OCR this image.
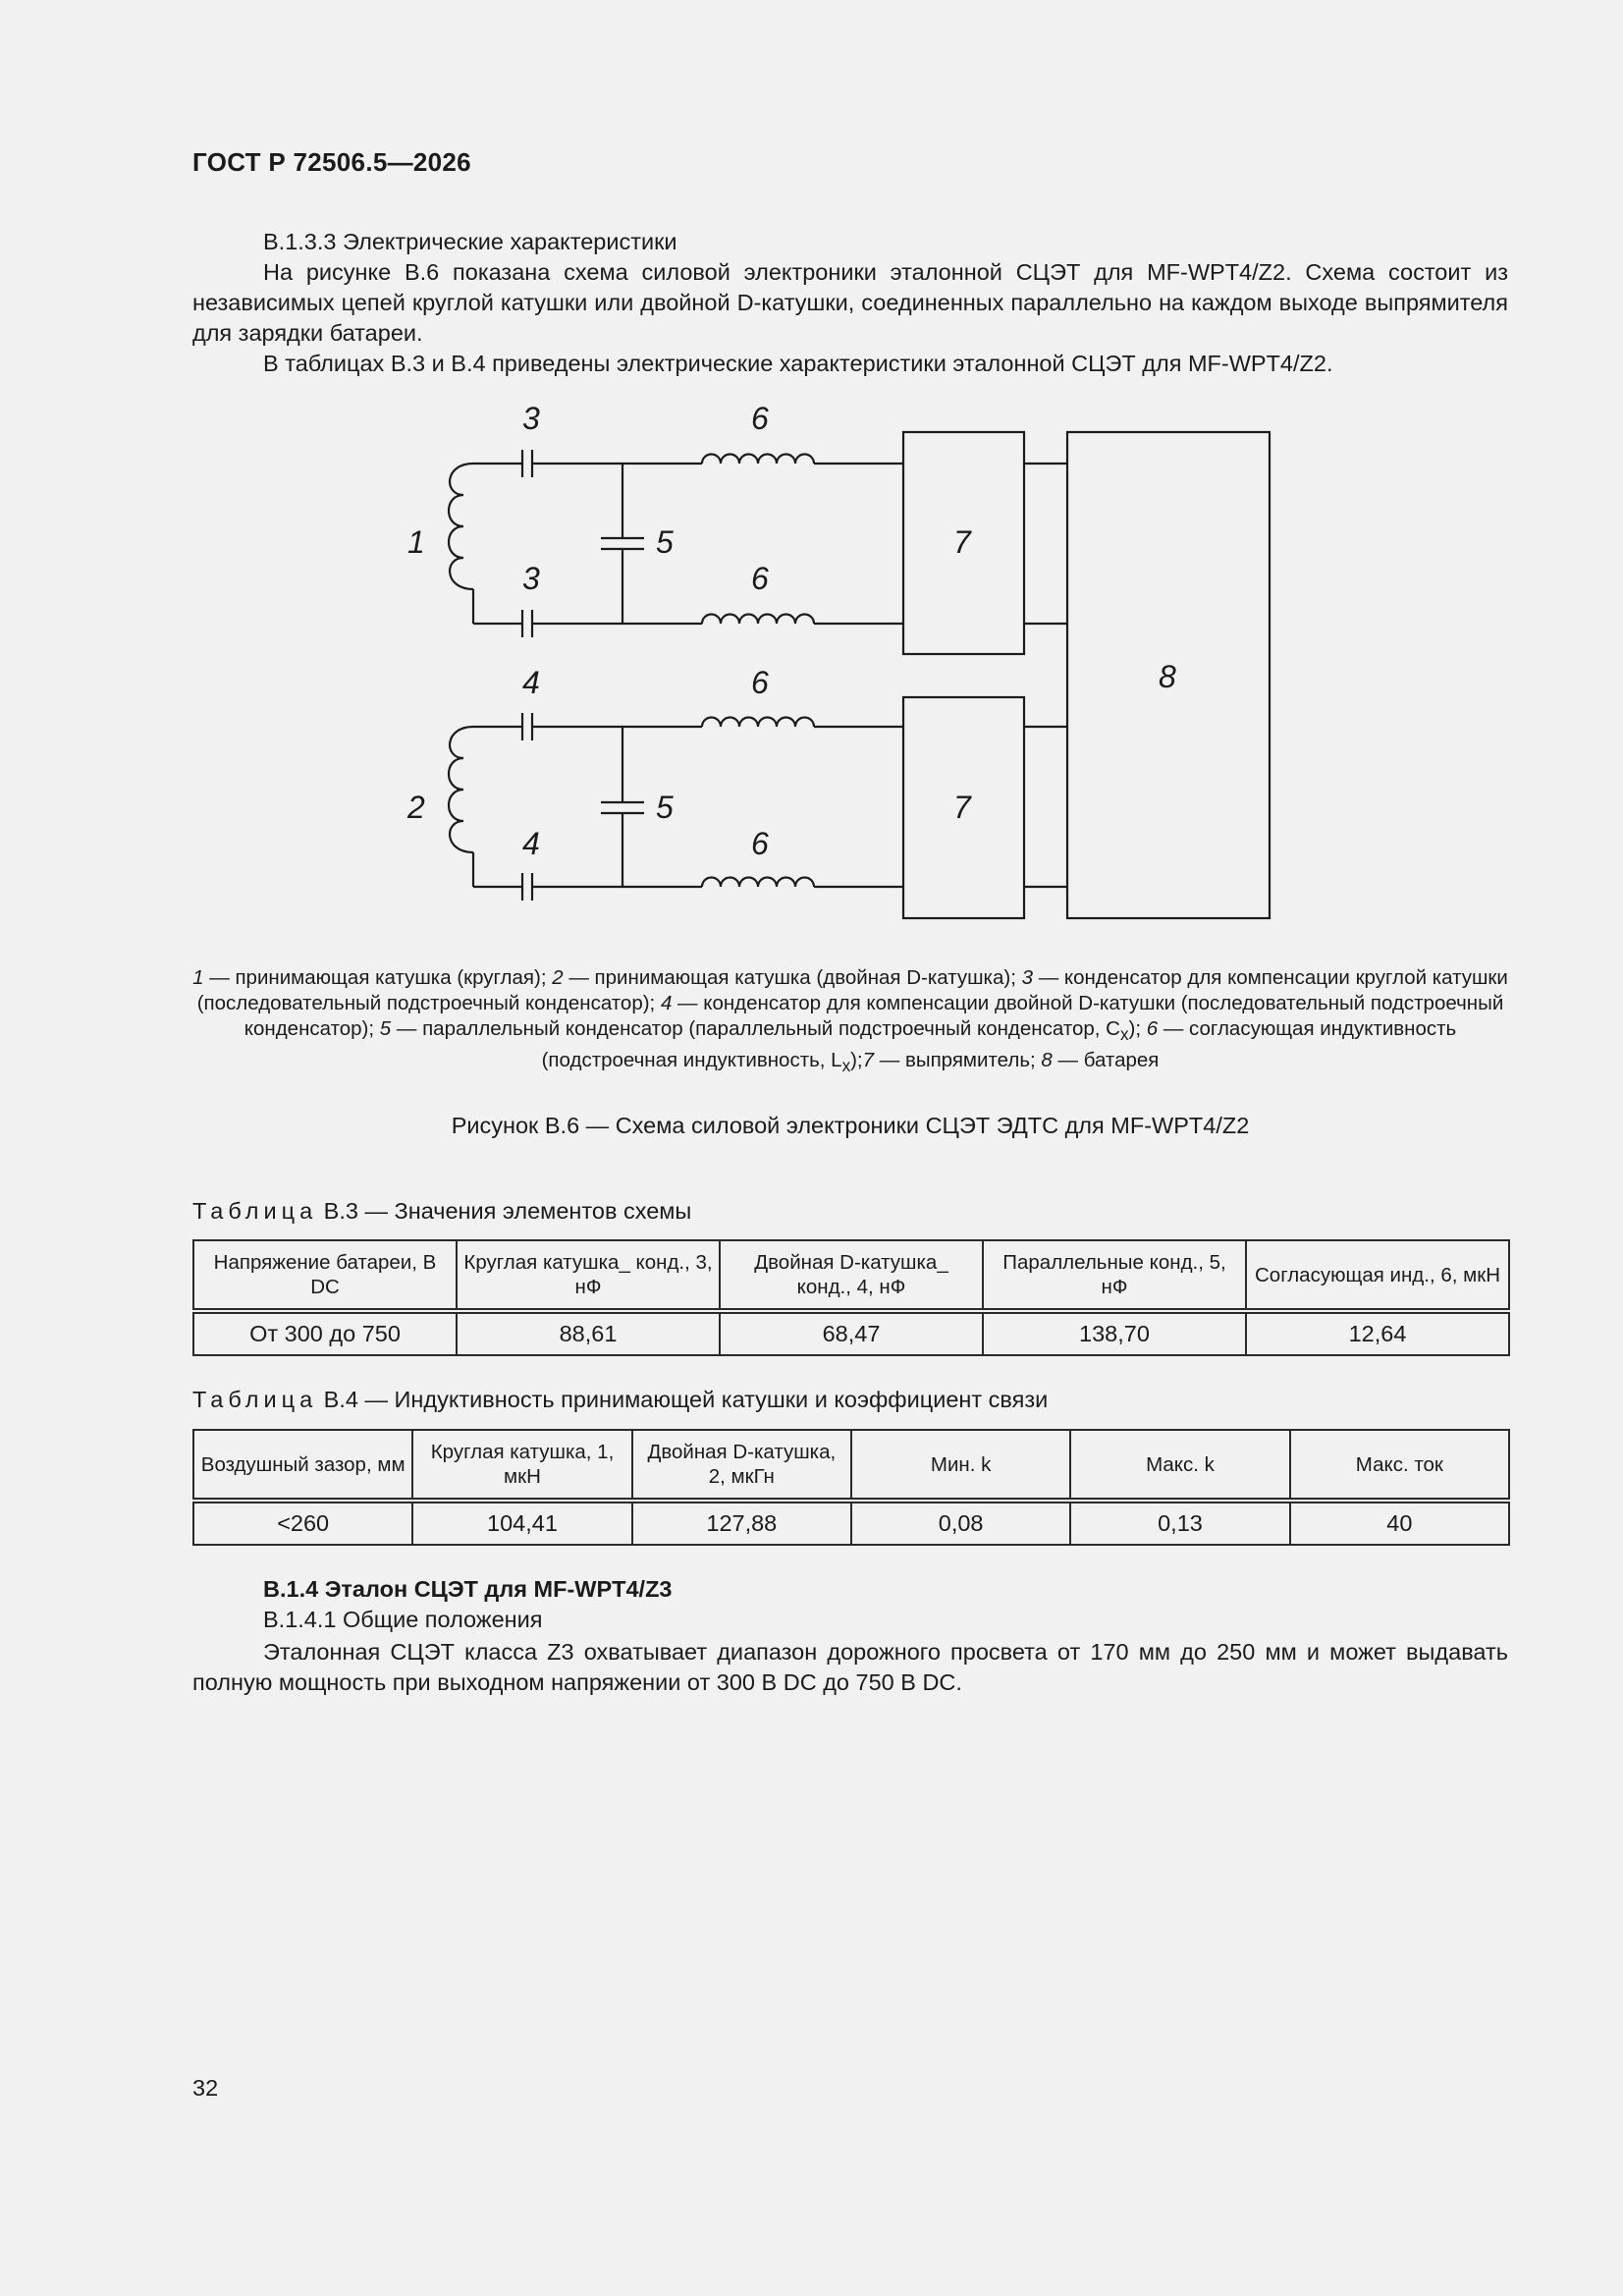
ГОСТ Р 72506.5—2026
В.1.3.3 Электрические характеристики
На рисунке В.6 показана схема силовой электроники эталонной СЦЭТ для MF-WPT4/Z2. Схема состоит из независимых цепей круглой катушки или двойной D-катушки, соединенных параллельно на каждом выходе выпрямителя для зарядки батареи.
В таблицах В.3 и В.4 приведены электрические характеристики эталонной СЦЭТ для MF-WPT4/Z2.
3
3
6
6
1	5	7
8
4	6
2	5	7
4	6
1 — принимающая катушка (круглая); 2 — принимающая катушка (двойная D-катушка); 3 — конденсатор для компенсации круглой катушки (последовательный подстроечный конденсатор); 4 — конденсатор для компенсации двойной D-катушки (последовательный подстроечный конденсатор); 5 — параллельный конденсатор (параллельный подстроечный конденсатор, $C_x$); 6 — согласующая индуктивность (подстроечная индуктивность, $L_x);7$ — выпрямитель; 8 — батарея
Рисунок В.6 — Схема силовой электроники СЦЭТ ЭДТС для MF-WPT4/Z2
Таблица В.3 — Значения элементов схемы
Напряжение батареи, В DC	Круглая катушка_ конд., 3, нФ	Двойная D-катушка_ конд., 4, нФ	Параллельные конд., 5, нФ	Согласующая инд., 6, мкН
От 300 до 750	88,61	68,47	138,70	12,64
Таблица В.4 — Индуктивность принимающей катушки и коэффициент связи
Воздушный зазор, мм	Круглая катушка, 1, мкН	Двойная D-катушка, 2, мкГн	Мин. k	Макс. k	Макс. ток
<260	104,41	127,88	0,08	0,13	40
В.1.4 Эталон СЦЭТ для MF-WPT4/Z3
В.1.4.1 Общие положения
Эталонная СЦЭТ класса Z3 охватывает диапазон дорожного просвета от 170 мм до 250 мм и может выдавать полную мощность при выходном напряжении от 300 В DC до 750 В DC.
32
